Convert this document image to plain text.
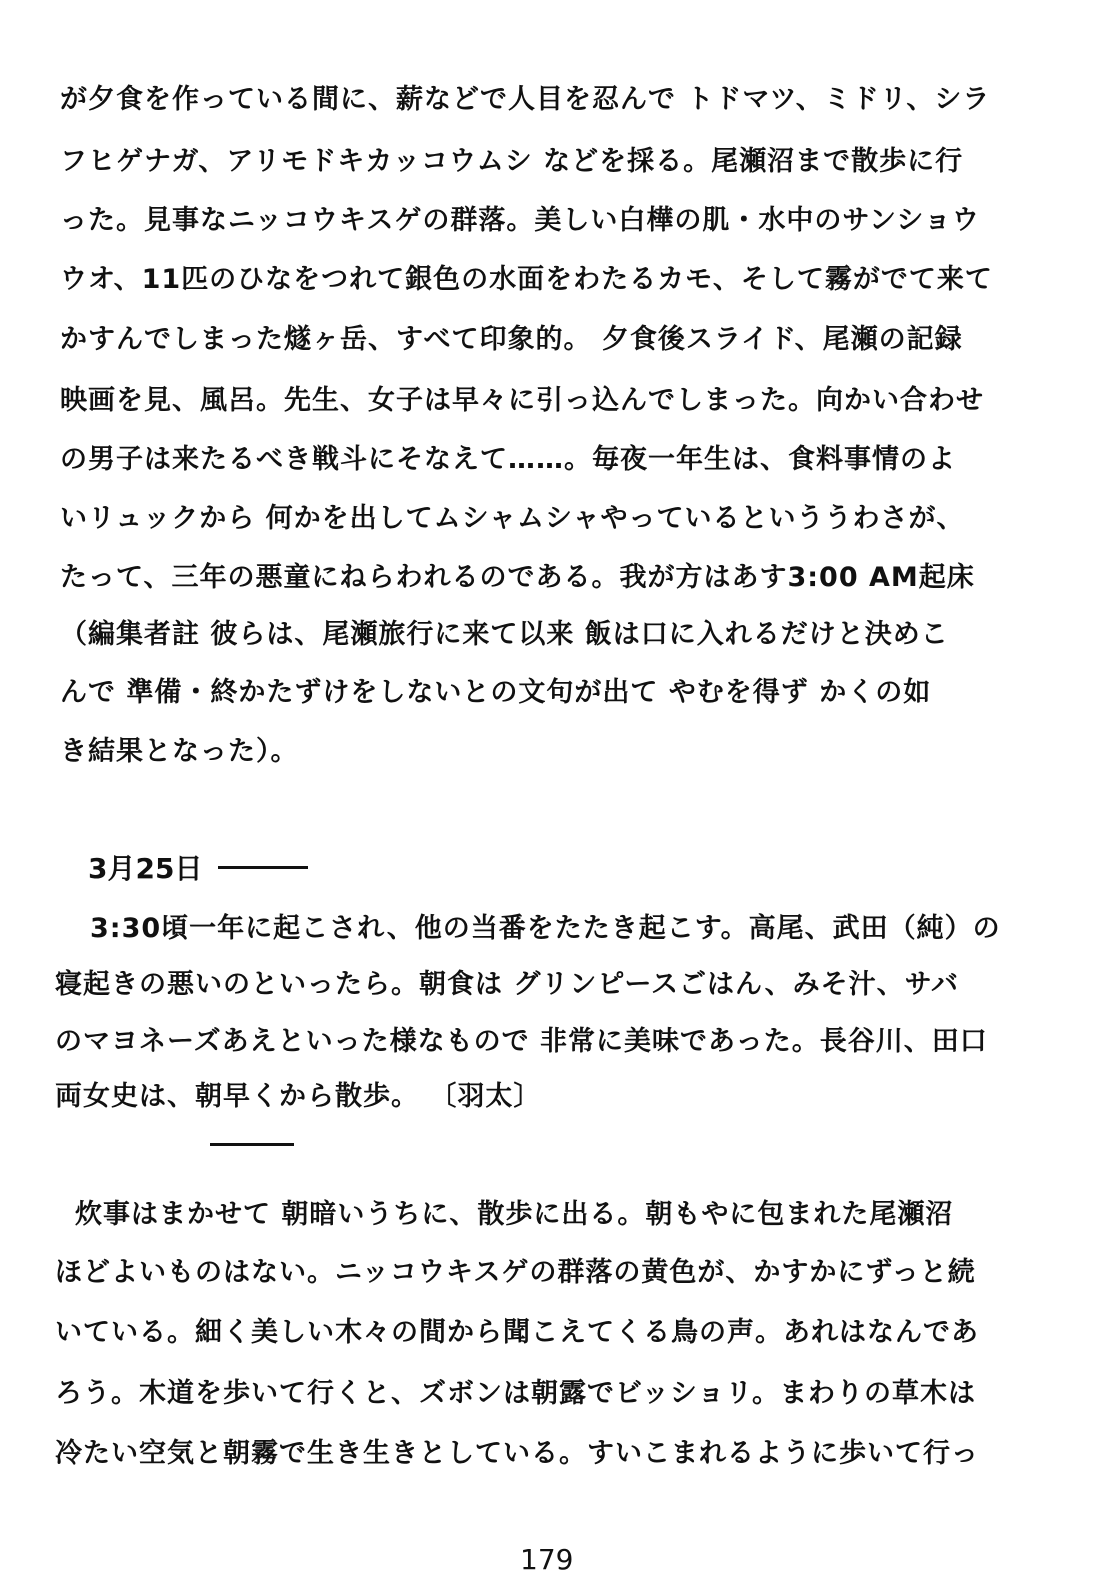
が夕食を作っている間に、薪などで人目を忍んで トドマツ、ミドリ、シラ
フヒゲナガ、アリモドキカッコウムシ などを採る。尾瀬沼まで散歩に行
った。見事なニッコウキスゲの群落。美しい白樺の肌・水中のサンショウ
ウオ、11匹のひなをつれて銀色の水面をわたるカモ、そして霧がでて来て
かすんでしまった燧ヶ岳、すべて印象的。 夕食後スライド、尾瀬の記録
映画を見、風呂。先生、女子は早々に引っ込んでしまった。向かい合わせ
の男子は来たるべき戦斗にそなえて……。毎夜一年生は、食料事情のよ
いリュックから 何かを出してムシャムシャやっているといううわさが、
たって、三年の悪童にねらわれるのである。我が方はあす3:00 AM起床
（編集者註 彼らは、尾瀬旅行に来て以来 飯は口に入れるだけと決めこ
んで 準備・終かたずけをしないとの文句が出て やむを得ず かくの如
き結果となった）。
3月25日
3:30頃一年に起こされ、他の当番をたたき起こす。高尾、武田（純）の
寝起きの悪いのといったら。朝食は グリンピースごはん、みそ汁、サバ
のマヨネーズあえといった様なもので 非常に美味であった。長谷川、田口
両女史は、朝早くから散歩。 〔羽太〕
炊事はまかせて 朝暗いうちに、散歩に出る。朝もやに包まれた尾瀬沼
ほどよいものはない。ニッコウキスゲの群落の黄色が、かすかにずっと続
いている。細く美しい木々の間から聞こえてくる鳥の声。あれはなんであ
ろう。木道を歩いて行くと、ズボンは朝露でビッショリ。まわりの草木は
冷たい空気と朝霧で生き生きとしている。すいこまれるように歩いて行っ
179
